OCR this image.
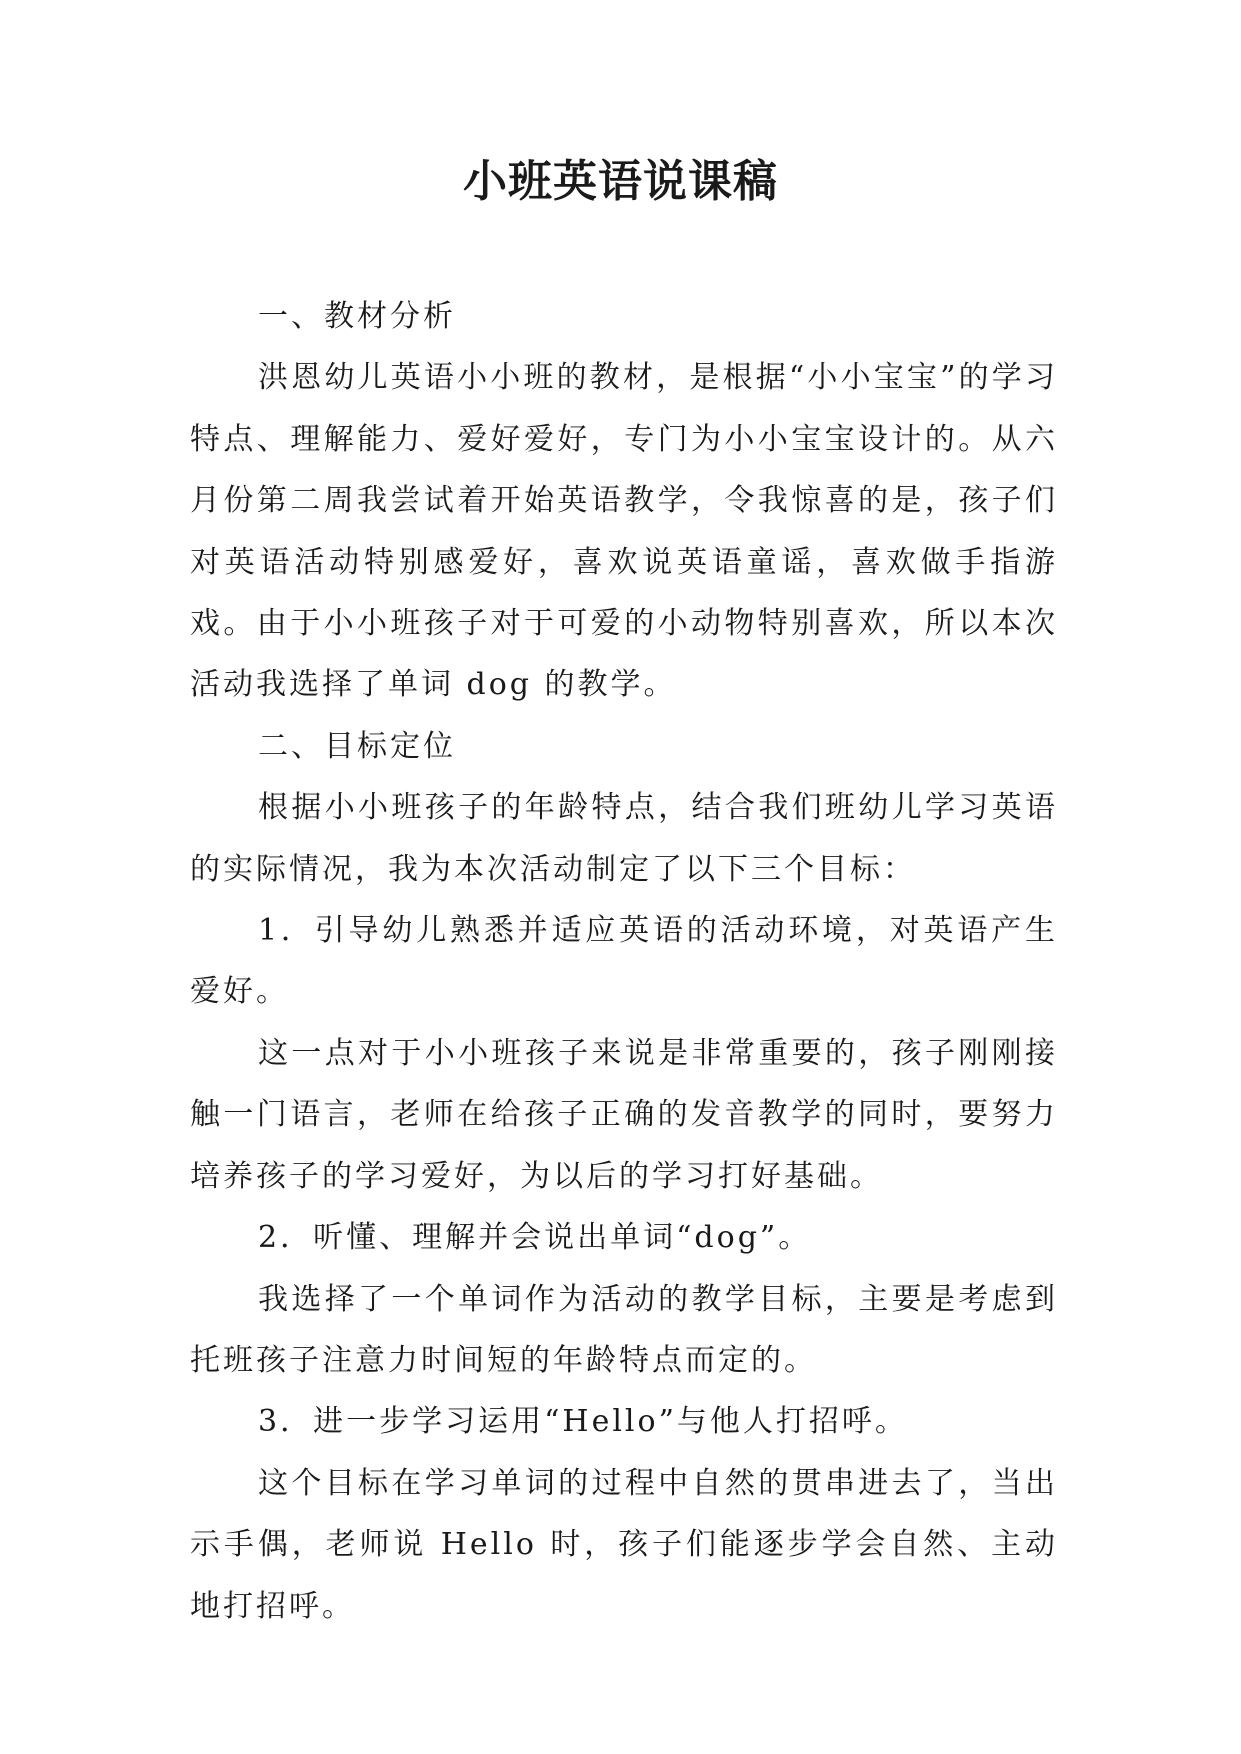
小班英语说课稿

一、教材分析

洪恩幼儿英语小小班的教材，是根据“小小宝宝”的学习特点、理解能力、爱好爱好，专门为小小宝宝设计的。从六月份第二周我尝试着开始英语教学，令我惊喜的是，孩子们对英语活动特别感爱好，喜欢说英语童谣，喜欢做手指游戏。由于小小班孩子对于可爱的小动物特别喜欢，所以本次活动我选择了单词 dog 的教学。

二、目标定位

根据小小班孩子的年龄特点，结合我们班幼儿学习英语的实际情况，我为本次活动制定了以下三个目标：

1．引导幼儿熟悉并适应英语的活动环境，对英语产生爱好。

这一点对于小小班孩子来说是非常重要的，孩子刚刚接触一门语言，老师在给孩子正确的发音教学的同时，要努力培养孩子的学习爱好，为以后的学习打好基础。

2．听懂、理解并会说出单词“dog”。

我选择了一个单词作为活动的教学目标，主要是考虑到托班孩子注意力时间短的年龄特点而定的。

3．进一步学习运用“Hello”与他人打招呼。

这个目标在学习单词的过程中自然的贯串进去了，当出示手偶，老师说 Hello 时，孩子们能逐步学会自然、主动地打招呼。
